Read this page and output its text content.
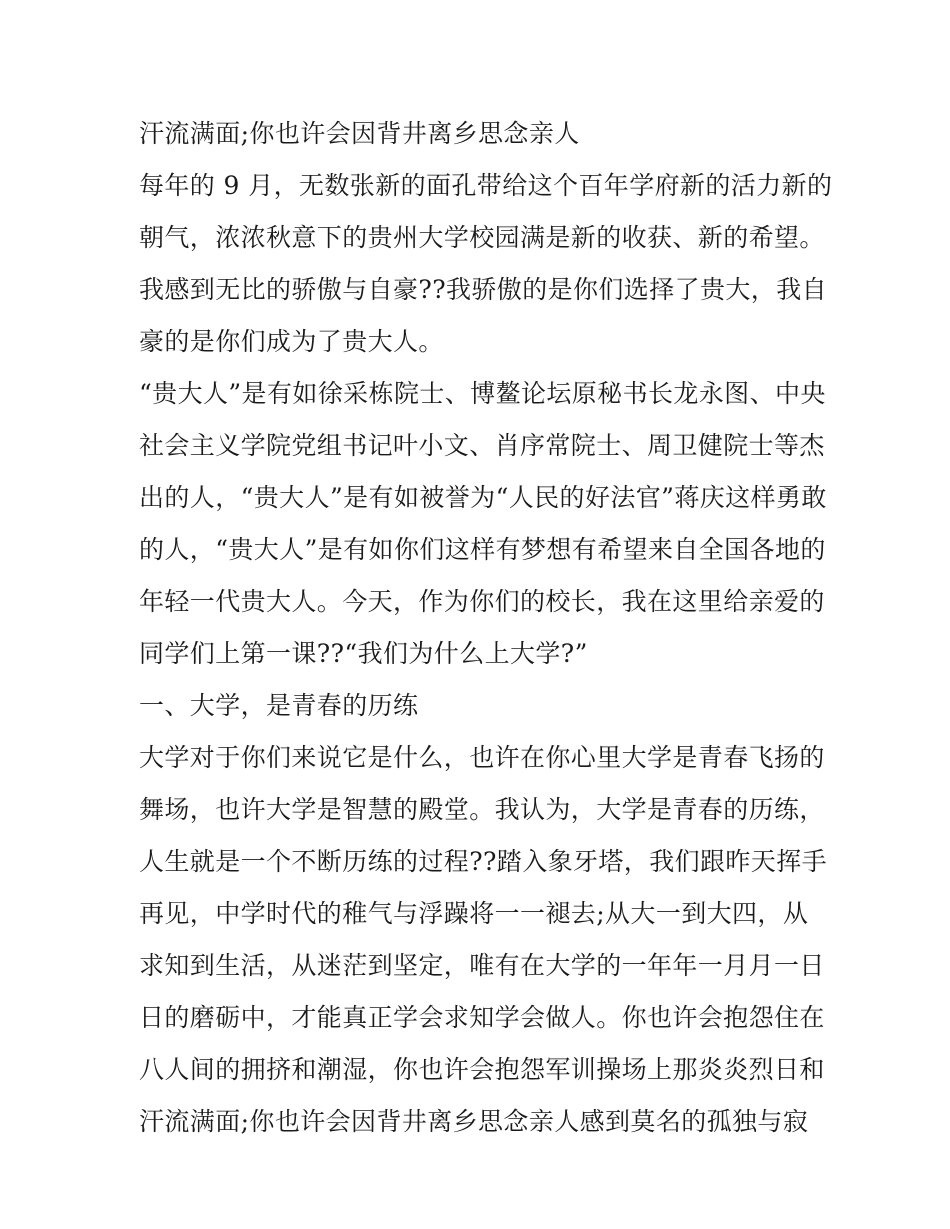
汗流满面;你也许会因背井离乡思念亲人
每年的 9 月，无数张新的面孔带给这个百年学府新的活力新的
朝气，浓浓秋意下的贵州大学校园满是新的收获、新的希望。
我感到无比的骄傲与自豪??我骄傲的是你们选择了贵大，我自
豪的是你们成为了贵大人。
“贵大人”是有如徐采栋院士、博鳌论坛原秘书长龙永图、中央
社会主义学院党组书记叶小文、肖序常院士、周卫健院士等杰
出的人，“贵大人”是有如被誉为“人民的好法官”蒋庆这样勇敢
的人，“贵大人”是有如你们这样有梦想有希望来自全国各地的
年轻一代贵大人。今天，作为你们的校长，我在这里给亲爱的
同学们上第一课??“我们为什么上大学?”
一、大学，是青春的历练
大学对于你们来说它是什么，也许在你心里大学是青春飞扬的
舞场，也许大学是智慧的殿堂。我认为，大学是青春的历练，
人生就是一个不断历练的过程??踏入象牙塔，我们跟昨天挥手
再见，中学时代的稚气与浮躁将一一褪去;从大一到大四，从
求知到生活，从迷茫到坚定，唯有在大学的一年年一月月一日
日的磨砺中，才能真正学会求知学会做人。你也许会抱怨住在
八人间的拥挤和潮湿，你也许会抱怨军训操场上那炎炎烈日和
汗流满面;你也许会因背井离乡思念亲人感到莫名的孤独与寂
